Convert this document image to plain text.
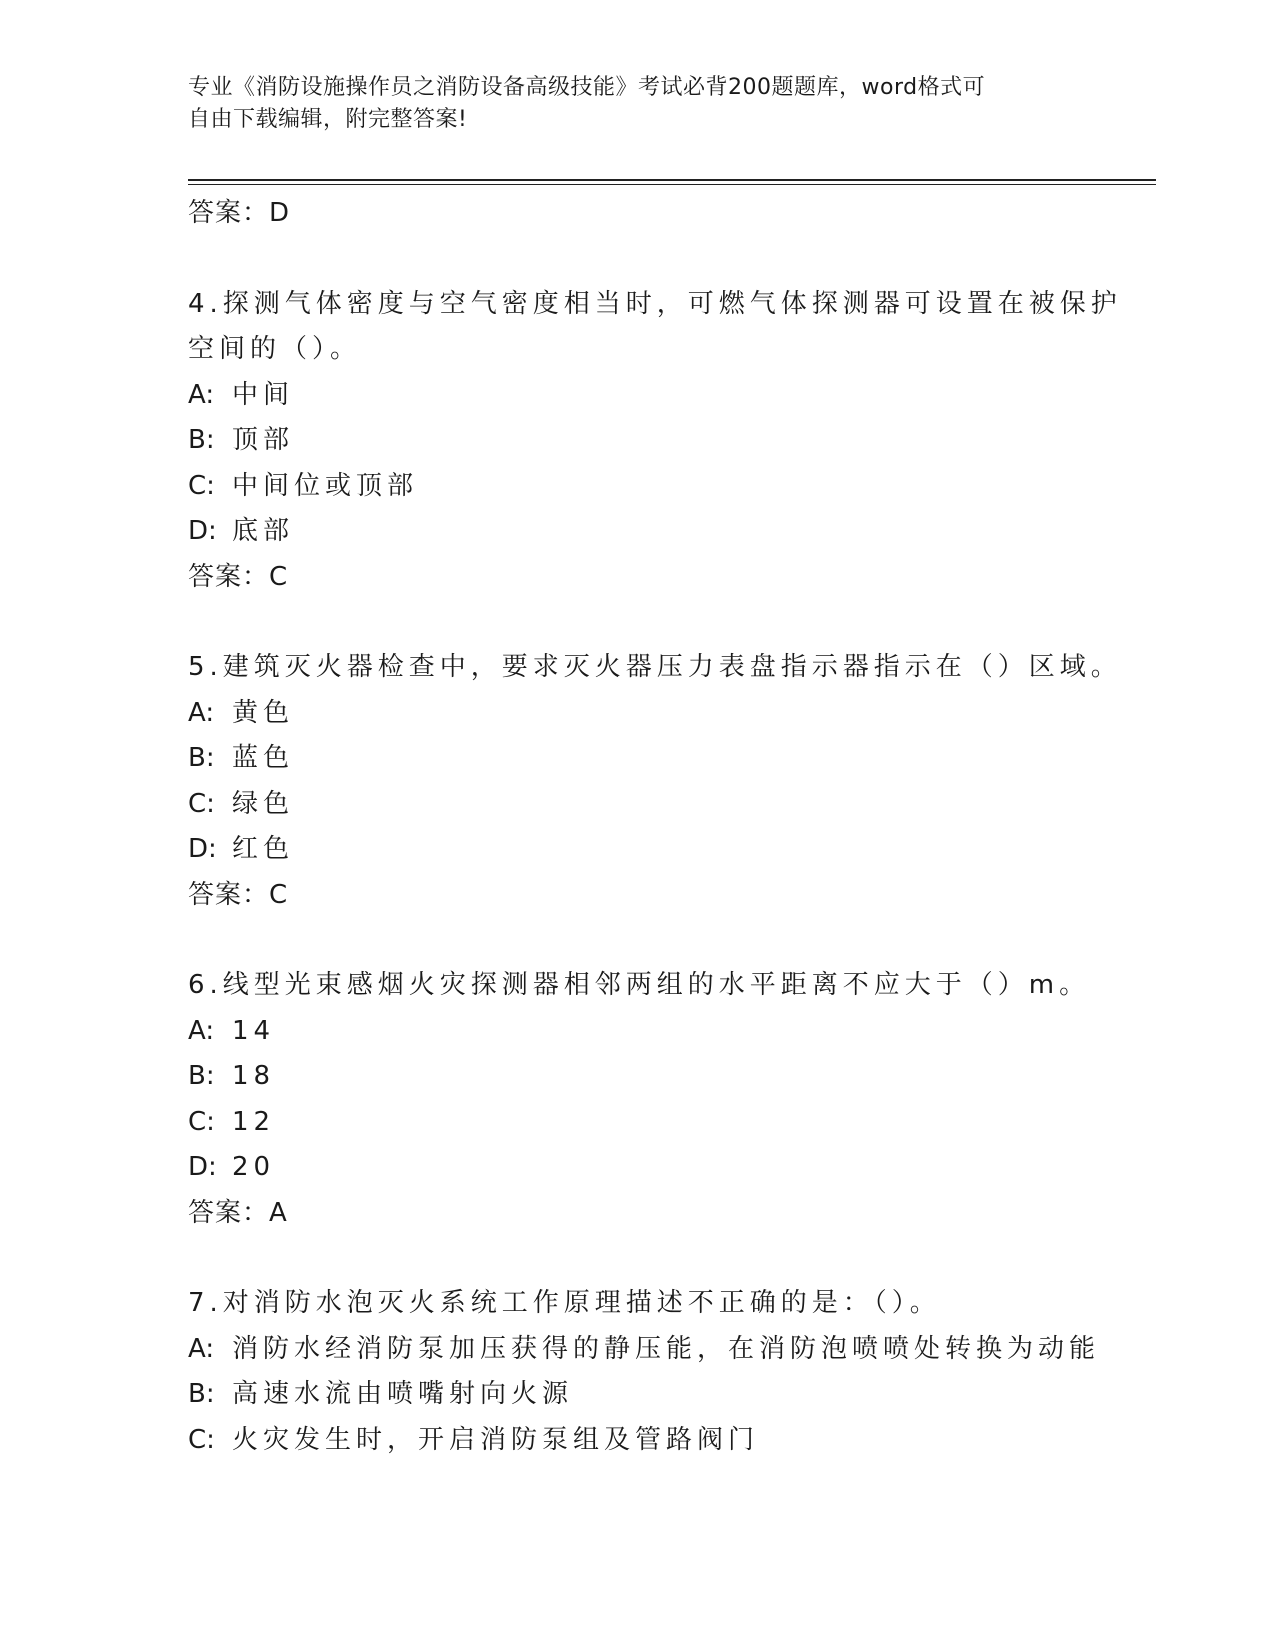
专业《消防设施操作员之消防设备高级技能》考试必背200题题库，word格式可
自由下载编辑，附完整答案!
答案：D
4.探测气体密度与空气密度相当时，可燃气体探测器可设置在被保护
空间的（）。
A: 中间
B: 顶部
C: 中间位或顶部
D: 底部
答案：C
5.建筑灭火器检查中，要求灭火器压力表盘指示器指示在（）区域。
A: 黄色
B: 蓝色
C: 绿色
D: 红色
答案：C
6.线型光束感烟火灾探测器相邻两组的水平距离不应大于（）m。
A: 14
B: 18
C: 12
D: 20
答案：A
7.对消防水泡灭火系统工作原理描述不正确的是：（）。
A: 消防水经消防泵加压获得的静压能，在消防泡喷喷处转换为动能
B: 高速水流由喷嘴射向火源
C: 火灾发生时，开启消防泵组及管路阀门
